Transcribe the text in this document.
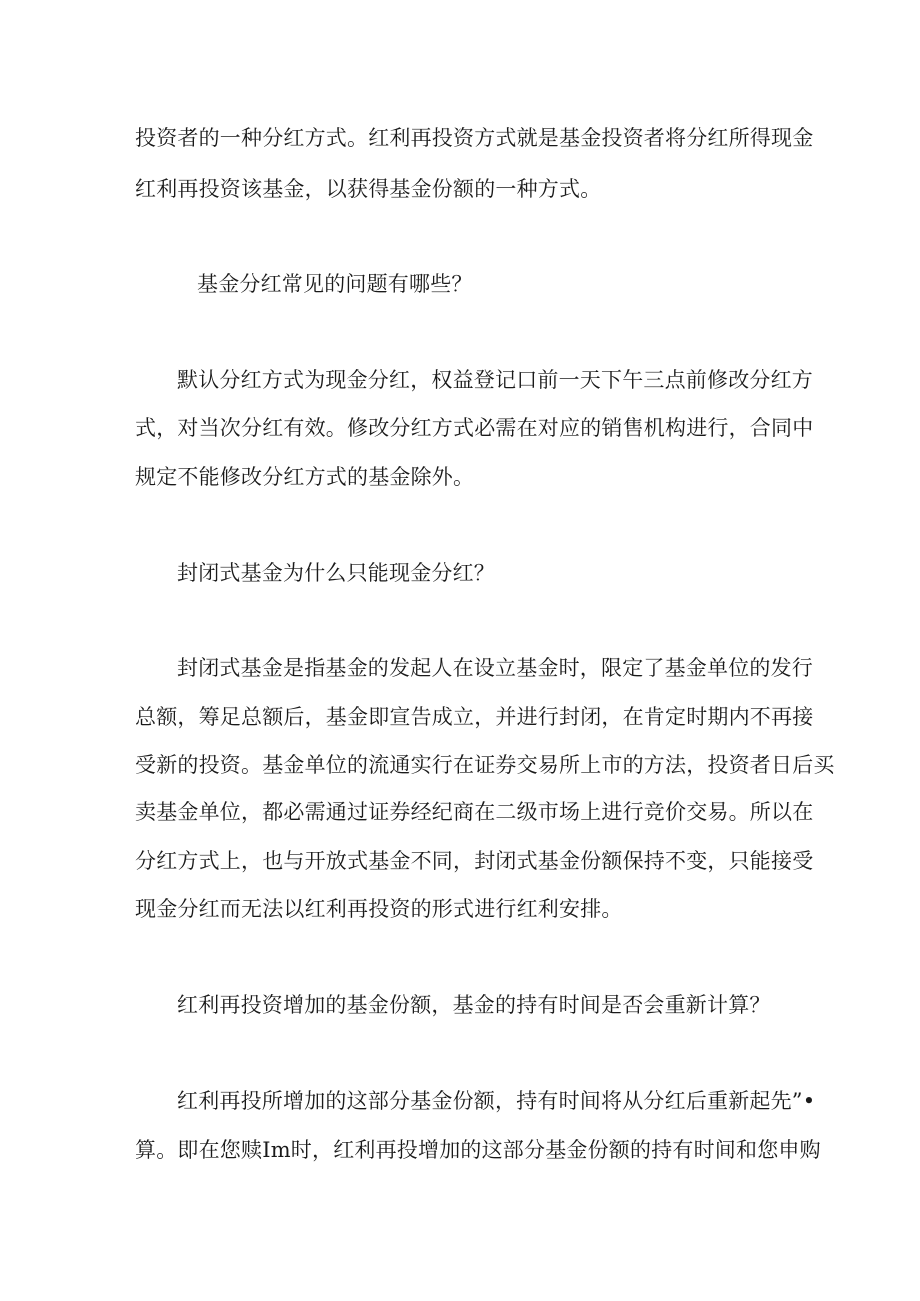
投资者的一种分红方式。红利再投资方式就是基金投资者将分红所得现金
红利再投资该基金，以获得基金份额的一种方式。
基金分红常见的问题有哪些？
默认分红方式为现金分红，权益登记口前一天下午三点前修改分红方
式，对当次分红有效。修改分红方式必需在对应的销售机构进行，合同中
规定不能修改分红方式的基金除外。
封闭式基金为什么只能现金分红？
封闭式基金是指基金的发起人在设立基金时，限定了基金单位的发行
总额，筹足总额后，基金即宣告成立，并进行封闭，在肯定时期内不再接
受新的投资。基金单位的流通实行在证券交易所上市的方法，投资者日后买
卖基金单位，都必需通过证券经纪商在二级市场上进行竞价交易。所以在
分红方式上，也与开放式基金不同，封闭式基金份额保持不变，只能接受
现金分红而无法以红利再投资的形式进行红利安排。
红利再投资增加的基金份额，基金的持有时间是否会重新计算？
红利再投所增加的这部分基金份额，持有时间将从分红后重新起先”•
算。即在您赎Im时，红利再投增加的这部分基金份额的持有时间和您申购
